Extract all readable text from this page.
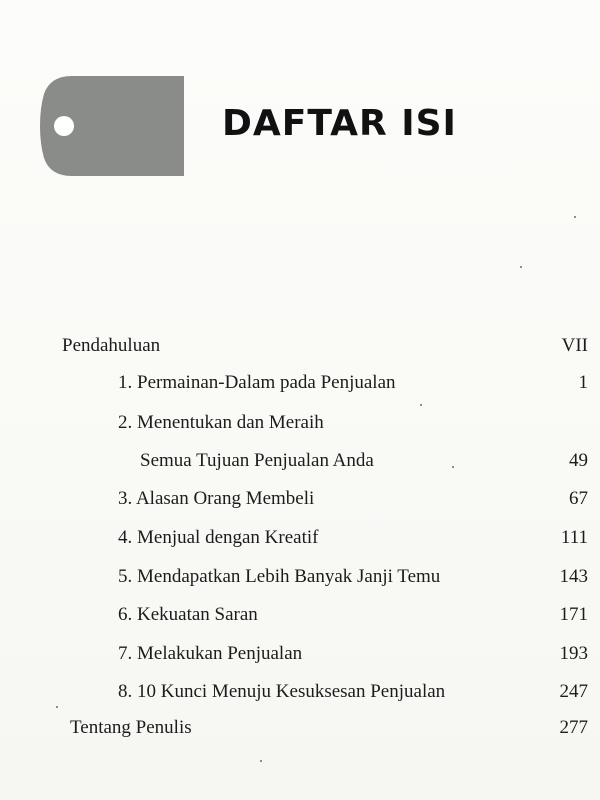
DAFTAR ISI
Pendahuluan	VII
1. Permainan-Dalam pada Penjualan	1
2. Menentukan dan Meraih
Semua Tujuan Penjualan Anda	49
3. Alasan Orang Membeli	67
4. Menjual dengan Kreatif	111
5. Mendapatkan Lebih Banyak Janji Temu	143
6. Kekuatan Saran	171
7. Melakukan Penjualan	193
8. 10 Kunci Menuju Kesuksesan Penjualan	247
Tentang Penulis	277
